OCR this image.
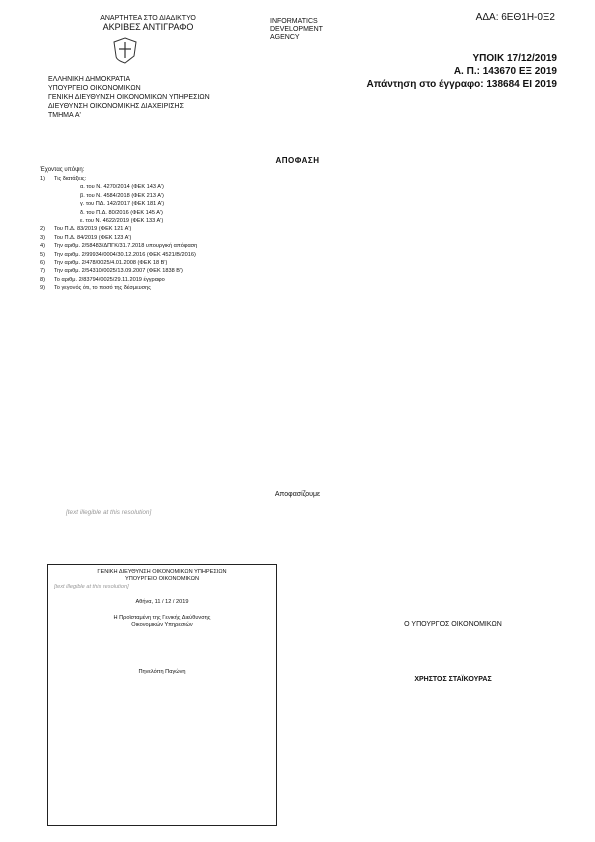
ΑΔΑ: 6ΕΘ1Η-0Ξ2
ΑΝΑΡΤΗΤΕΑ ΣΤΟ ΔΙΑΔΙΚΤΥΟ
ΑΚΡΙΒΕΣ ΑΝΤΙΓΡΑΦΟ
ΕΛΛΗΝΙΚΗ ΔΗΜΟΚΡΑΤΙΑ
ΥΠΟΥΡΓΕΙΟ ΟΙΚΟΝΟΜΙΚΩΝ
ΓΕΝΙΚΗ ΔΙΕΥΘΥΝΣΗ ΟΙΚΟΝΟΜΙΚΩΝ ΥΠΗΡΕΣΙΩΝ
ΔΙΕΥΘΥΝΣΗ ΟΙΚΟΝΟΜΙΚΗΣ ΔΙΑΧΕΙΡΙΣΗΣ
ΤΜΗΜΑ Α'
INFORMATICS
DEVELOPMENT
AGENCY
ΥΠΟΙΚ 17/12/2019
Α. Π.: 143670 ΕΞ 2019
Απάντηση στο έγγραφο: 138684 ΕΙ 2019
ΑΠΟΦΑΣΗ
Έχοντας υπόψη:
1)	Τις διατάξεις:
α. του Ν. 4270/2014 (ΦΕΚ 143 Α')
β. του Ν. 4584/2018 (ΦΕΚ 213 Α')
γ. του ΠΔ. 142/2017 (ΦΕΚ 181 Α')
δ. του Π.Δ. 80/2016 (ΦΕΚ 145 Α')
ε. του Ν. 4622/2019 (ΦΕΚ 133 Α')
2)	Του Π.Δ. 83/2019 (ΦΕΚ 121 Α')
3)	Του Π.Δ. 84/2019 (ΦΕΚ 123 Α')
4)	Την αριθμ. 2/58483/ΔΠΓΚ/31.7.2018 υπουργική απόφαση
5)	Την αριθμ. 2/99934/0004/30.12.2016 (ΦΕΚ 4521/Β/2016)
6)	Την αριθμ. 2/478/0025/4.01.2008 (ΦΕΚ 18 Β')
7)	Την αριθμ. 2/54310/0025/13.09.2007 (ΦΕΚ 1838 Β')
8)	Το αριθμ. 2/83794/0025/29.11.2019 έγγραφο
9)	Το γεγονός ότι, το ποσό της δέσμευσης
Αποφασίζουμε
[text illegible at this resolution]
ΓΕΝΙΚΗ ΔΙΕΥΘΥΝΣΗ ΟΙΚΟΝΟΜΙΚΩΝ ΥΠΗΡΕΣΙΩΝ
ΥΠΟΥΡΓΕΙΟ ΟΙΚΟΝΟΜΙΚΩΝ
[text illegible at this resolution]
Αθήνα, 11 / 12 / 2019
Η Προϊσταμένη της Γενικής Διεύθυνσης
Οικονομικών Υπηρεσιών
Πηνελόπη Παγώνη
Ο ΥΠΟΥΡΓΟΣ ΟΙΚΟΝΟΜΙΚΩΝ
ΧΡΗΣΤΟΣ ΣΤΑΪΚΟΥΡΑΣ
